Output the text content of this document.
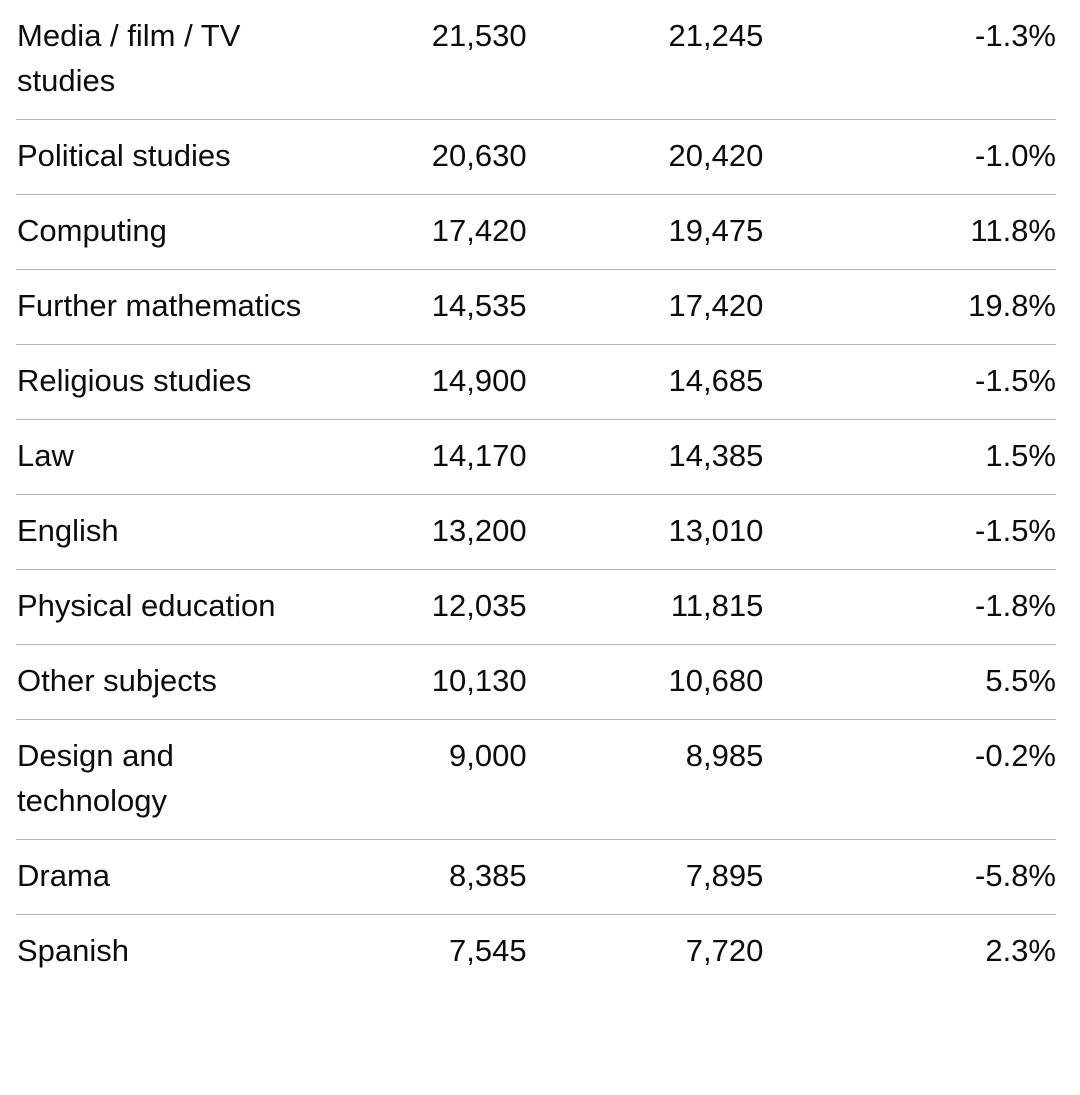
Media / film / TV studies	21,530	21,245	-1.3%
Political studies	20,630	20,420	-1.0%
Computing	17,420	19,475	11.8%
Further mathematics	14,535	17,420	19.8%
Religious studies	14,900	14,685	-1.5%
Law	14,170	14,385	1.5%
English	13,200	13,010	-1.5%
Physical education	12,035	11,815	-1.8%
Other subjects	10,130	10,680	5.5%
Design and technology	9,000	8,985	-0.2%
Drama	8,385	7,895	-5.8%
Spanish	7,545	7,720	2.3%
